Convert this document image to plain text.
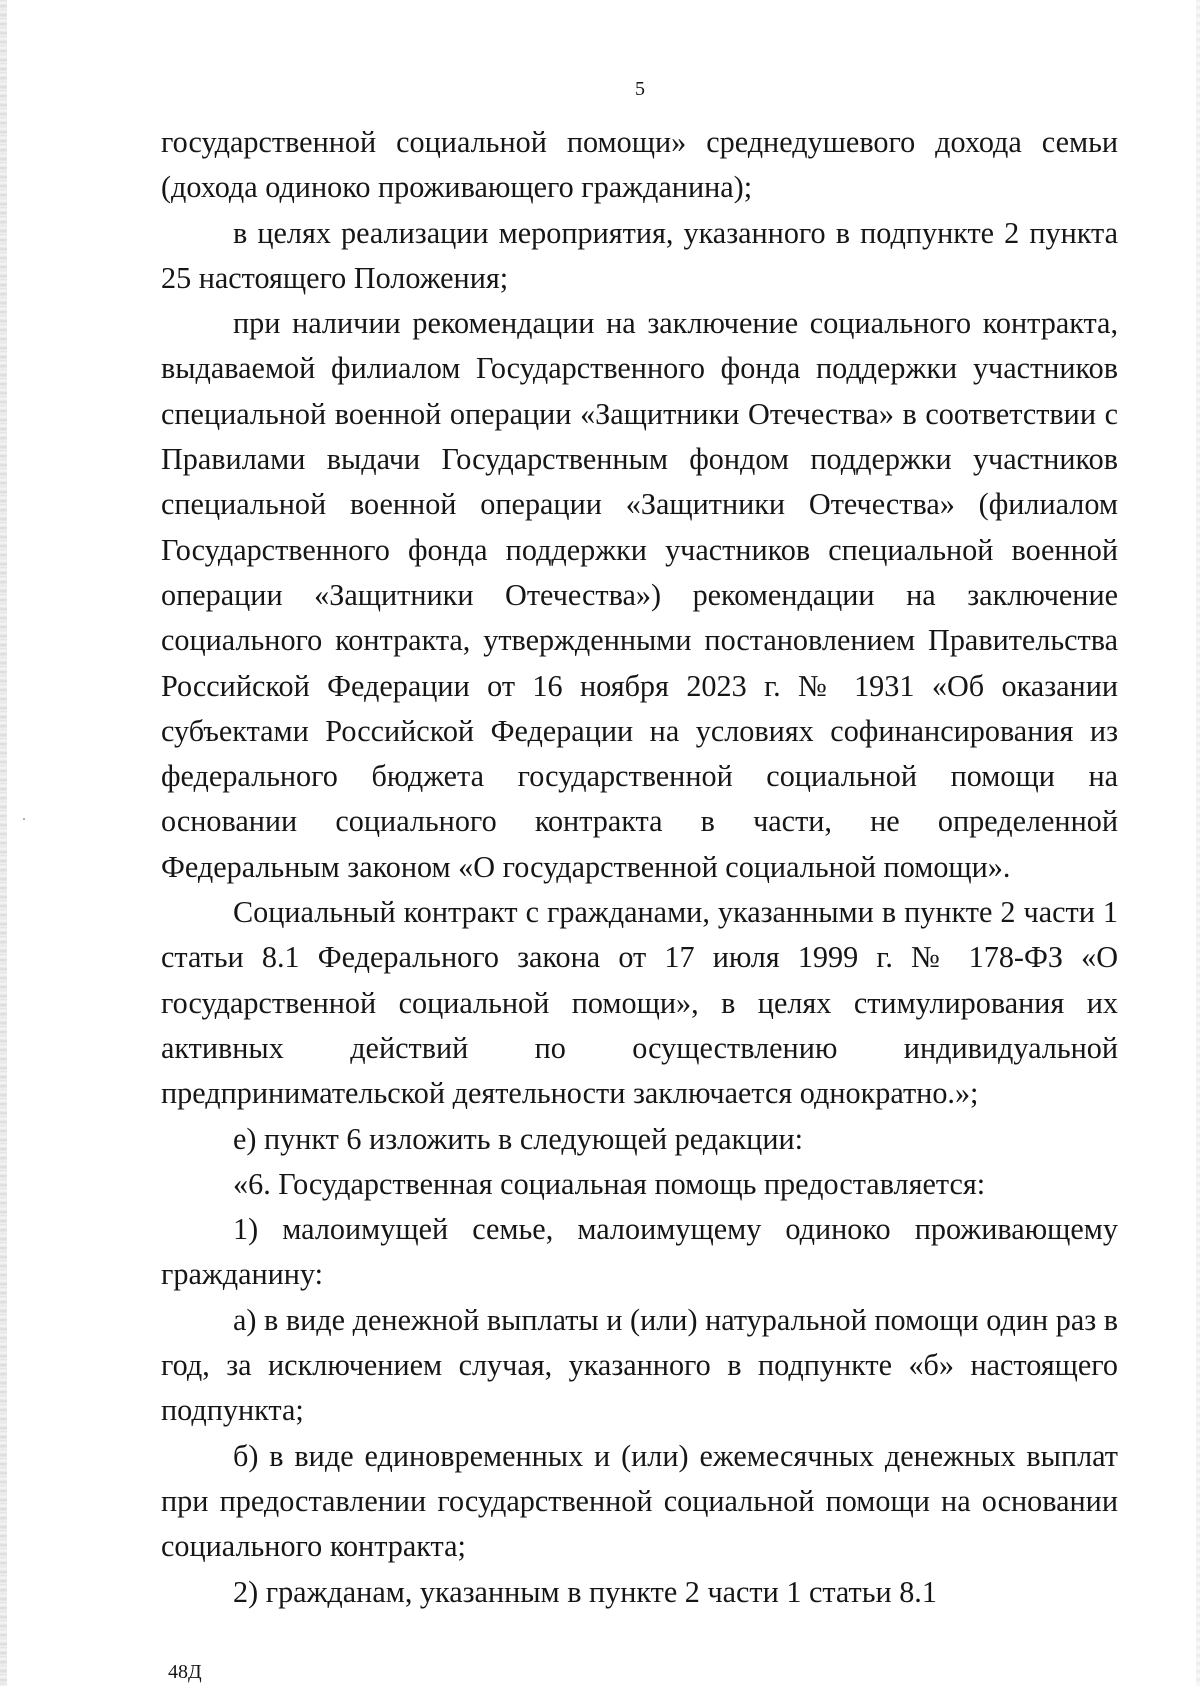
5

государственной социальной помощи» среднедушевого дохода семьи (дохода одиноко проживающего гражданина);

в целях реализации мероприятия, указанного в подпункте 2 пункта 25 настоящего Положения;

при наличии рекомендации на заключение социального контракта, выдаваемой филиалом Государственного фонда поддержки участников специальной военной операции «Защитники Отечества» в соответствии с Правилами выдачи Государственным фондом поддержки участников специальной военной операции «Защитники Отечества» (филиалом Государственного фонда поддержки участников специальной военной операции «Защитники Отечества») рекомендации на заключение социального контракта, утвержденными постановлением Правительства Российской Федерации от 16 ноября 2023 г. № 1931 «Об оказании субъектами Российской Федерации на условиях софинансирования из федерального бюджета государственной социальной помощи на основании социального контракта в части, не определенной Федеральным законом «О государственной социальной помощи».

Социальный контракт с гражданами, указанными в пункте 2 части 1 статьи 8.1 Федерального закона от 17 июля 1999 г. № 178-ФЗ «О государственной социальной помощи», в целях стимулирования их активных действий по осуществлению индивидуальной предпринимательской деятельности заключается однократно.»;

е) пункт 6 изложить в следующей редакции:

«6. Государственная социальная помощь предоставляется:

1) малоимущей семье, малоимущему одиноко проживающему гражданину:

а) в виде денежной выплаты и (или) натуральной помощи один раз в год, за исключением случая, указанного в подпункте «б» настоящего подпункта;

б) в виде единовременных и (или) ежемесячных денежных выплат при предоставлении государственной социальной помощи на основании социального контракта;

2) гражданам, указанным в пункте 2 части 1 статьи 8.1

48Д
